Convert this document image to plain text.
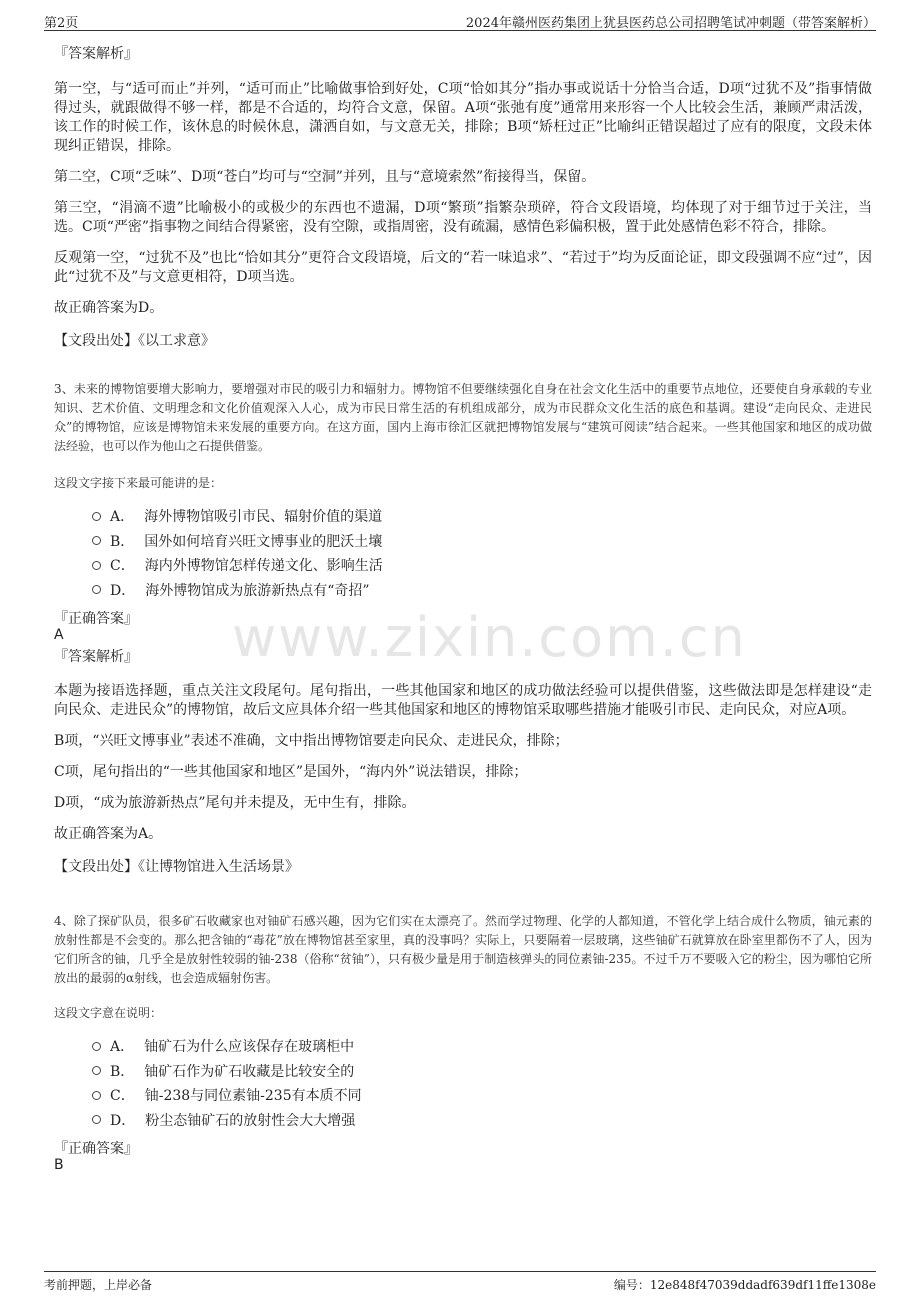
第2页	2024年赣州医药集团上犹县医药总公司招聘笔试冲刺题（带答案解析）
www.zixin.com.cn
『答案解析』

第一空，与“适可而止”并列，“适可而止”比喻做事恰到好处，C项“恰如其分”指办事或说话十分恰当合适，D项“过犹不及”指事情做得过头，就跟做得不够一样，都是不合适的，均符合文意，保留。A项“张弛有度”通常用来形容一个人比较会生活，兼顾严肃活泼，该工作的时候工作，该休息的时候休息，潇洒自如，与文意无关，排除；B项“矫枉过正”比喻纠正错误超过了应有的限度，文段未体现纠正错误，排除。

第二空，C项“乏味”、D项“苍白”均可与“空洞”并列，且与“意境索然”衔接得当，保留。

第三空，“涓滴不遗”比喻极小的或极少的东西也不遗漏，D项“繁琐”指繁杂琐碎，符合文段语境，均体现了对于细节过于关注，当选。C项“严密”指事物之间结合得紧密，没有空隙，或指周密，没有疏漏，感情色彩偏积极，置于此处感情色彩不符合，排除。

反观第一空，“过犹不及”也比“恰如其分”更符合文段语境，后文的“若一味追求”、“若过于”均为反面论证，即文段强调不应“过”，因此“过犹不及”与文意更相符，D项当选。

故正确答案为D。

【文段出处】《以工求意》

3、未来的博物馆要增大影响力，要增强对市民的吸引力和辐射力。博物馆不但要继续强化自身在社会文化生活中的重要节点地位，还要使自身承载的专业知识、艺术价值、文明理念和文化价值观深入人心，成为市民日常生活的有机组成部分，成为市民群众文化生活的底色和基调。建设“走向民众、走进民众”的博物馆，应该是博物馆未来发展的重要方向。在这方面，国内上海市徐汇区就把博物馆发展与“建筑可阅读”结合起来。一些其他国家和地区的成功做法经验，也可以作为他山之石提供借鉴。

这段文字接下来最可能讲的是：
A． 海外博物馆吸引市民、辐射价值的渠道
B． 国外如何培育兴旺文博事业的肥沃土壤
C． 海内外博物馆怎样传递文化、影响生活
D． 海外博物馆成为旅游新热点有“奇招”
『正确答案』
A
『答案解析』

本题为接语选择题，重点关注文段尾句。尾句指出，一些其他国家和地区的成功做法经验可以提供借鉴，这些做法即是怎样建设“走向民众、走进民众”的博物馆，故后文应具体介绍一些其他国家和地区的博物馆采取哪些措施才能吸引市民、走向民众，对应A项。

B项，“兴旺文博事业”表述不准确，文中指出博物馆要走向民众、走进民众，排除；

C项，尾句指出的“一些其他国家和地区”是国外，“海内外”说法错误，排除；

D项，“成为旅游新热点”尾句并未提及，无中生有，排除。

故正确答案为A。

【文段出处】《让博物馆进入生活场景》

4、除了探矿队员，很多矿石收藏家也对铀矿石感兴趣，因为它们实在太漂亮了。然而学过物理、化学的人都知道，不管化学上结合成什么物质，铀元素的放射性都是不会变的。那么把含铀的“毒花”放在博物馆甚至家里，真的没事吗？实际上，只要隔着一层玻璃，这些铀矿石就算放在卧室里都伤不了人，因为它们所含的铀，几乎全是放射性较弱的铀-238（俗称“贫铀”），只有极少量是用于制造核弹头的同位素铀-235。不过千万不要吸入它的粉尘，因为哪怕它所放出的最弱的α射线，也会造成辐射伤害。

这段文字意在说明：
A． 铀矿石为什么应该保存在玻璃柜中
B． 铀矿石作为矿石收藏是比较安全的
C． 铀-238与同位素铀-235有本质不同
D． 粉尘态铀矿石的放射性会大大增强
『正确答案』
B
考前押题，上岸必备	编号：12e848f47039ddadf639df11ffe1308e
